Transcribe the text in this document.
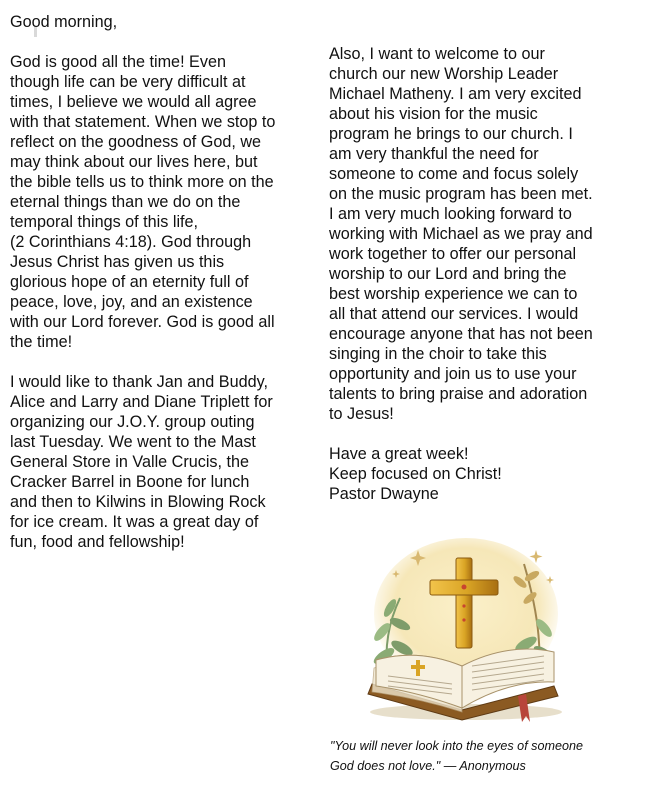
Good morning,

God is good all the time! Even
though life can be very difficult at
times, I believe we would all agree
with that statement. When we stop to
reflect on the goodness of God, we
may think about our lives here, but
the bible tells us to think more on the
eternal things than we do on the
temporal things of this life,
(2 Corinthians 4:18). God through
Jesus Christ has given us this
glorious hope of an eternity full of
peace, love, joy, and an existence
with our Lord forever. God is good all
the time!

I would like to thank Jan and Buddy,
Alice and Larry and Diane Triplett for
organizing our J.O.Y. group outing
last Tuesday. We went to the Mast
General Store in Valle Crucis, the
Cracker Barrel in Boone for lunch
and then to Kilwins in Blowing Rock
for ice cream. It was a great day of
fun, food and fellowship!

Also, I want to welcome to our
church our new Worship Leader
Michael Matheny. I am very excited
about his vision for the music
program he brings to our church. I
am very thankful the need for
someone to come and focus solely
on the music program has been met.
I am very much looking forward to
working with Michael as we pray and
work together to offer our personal
worship to our Lord and bring the
best worship experience we can to
all that attend our services. I would
encourage anyone that has not been
singing in the choir to take this
opportunity and join us to use your
talents to bring praise and adoration
to Jesus!

Have a great week!
Keep focused on Christ!
Pastor Dwayne

"You will never look into the eyes of someone
God does not love." — Anonymous
